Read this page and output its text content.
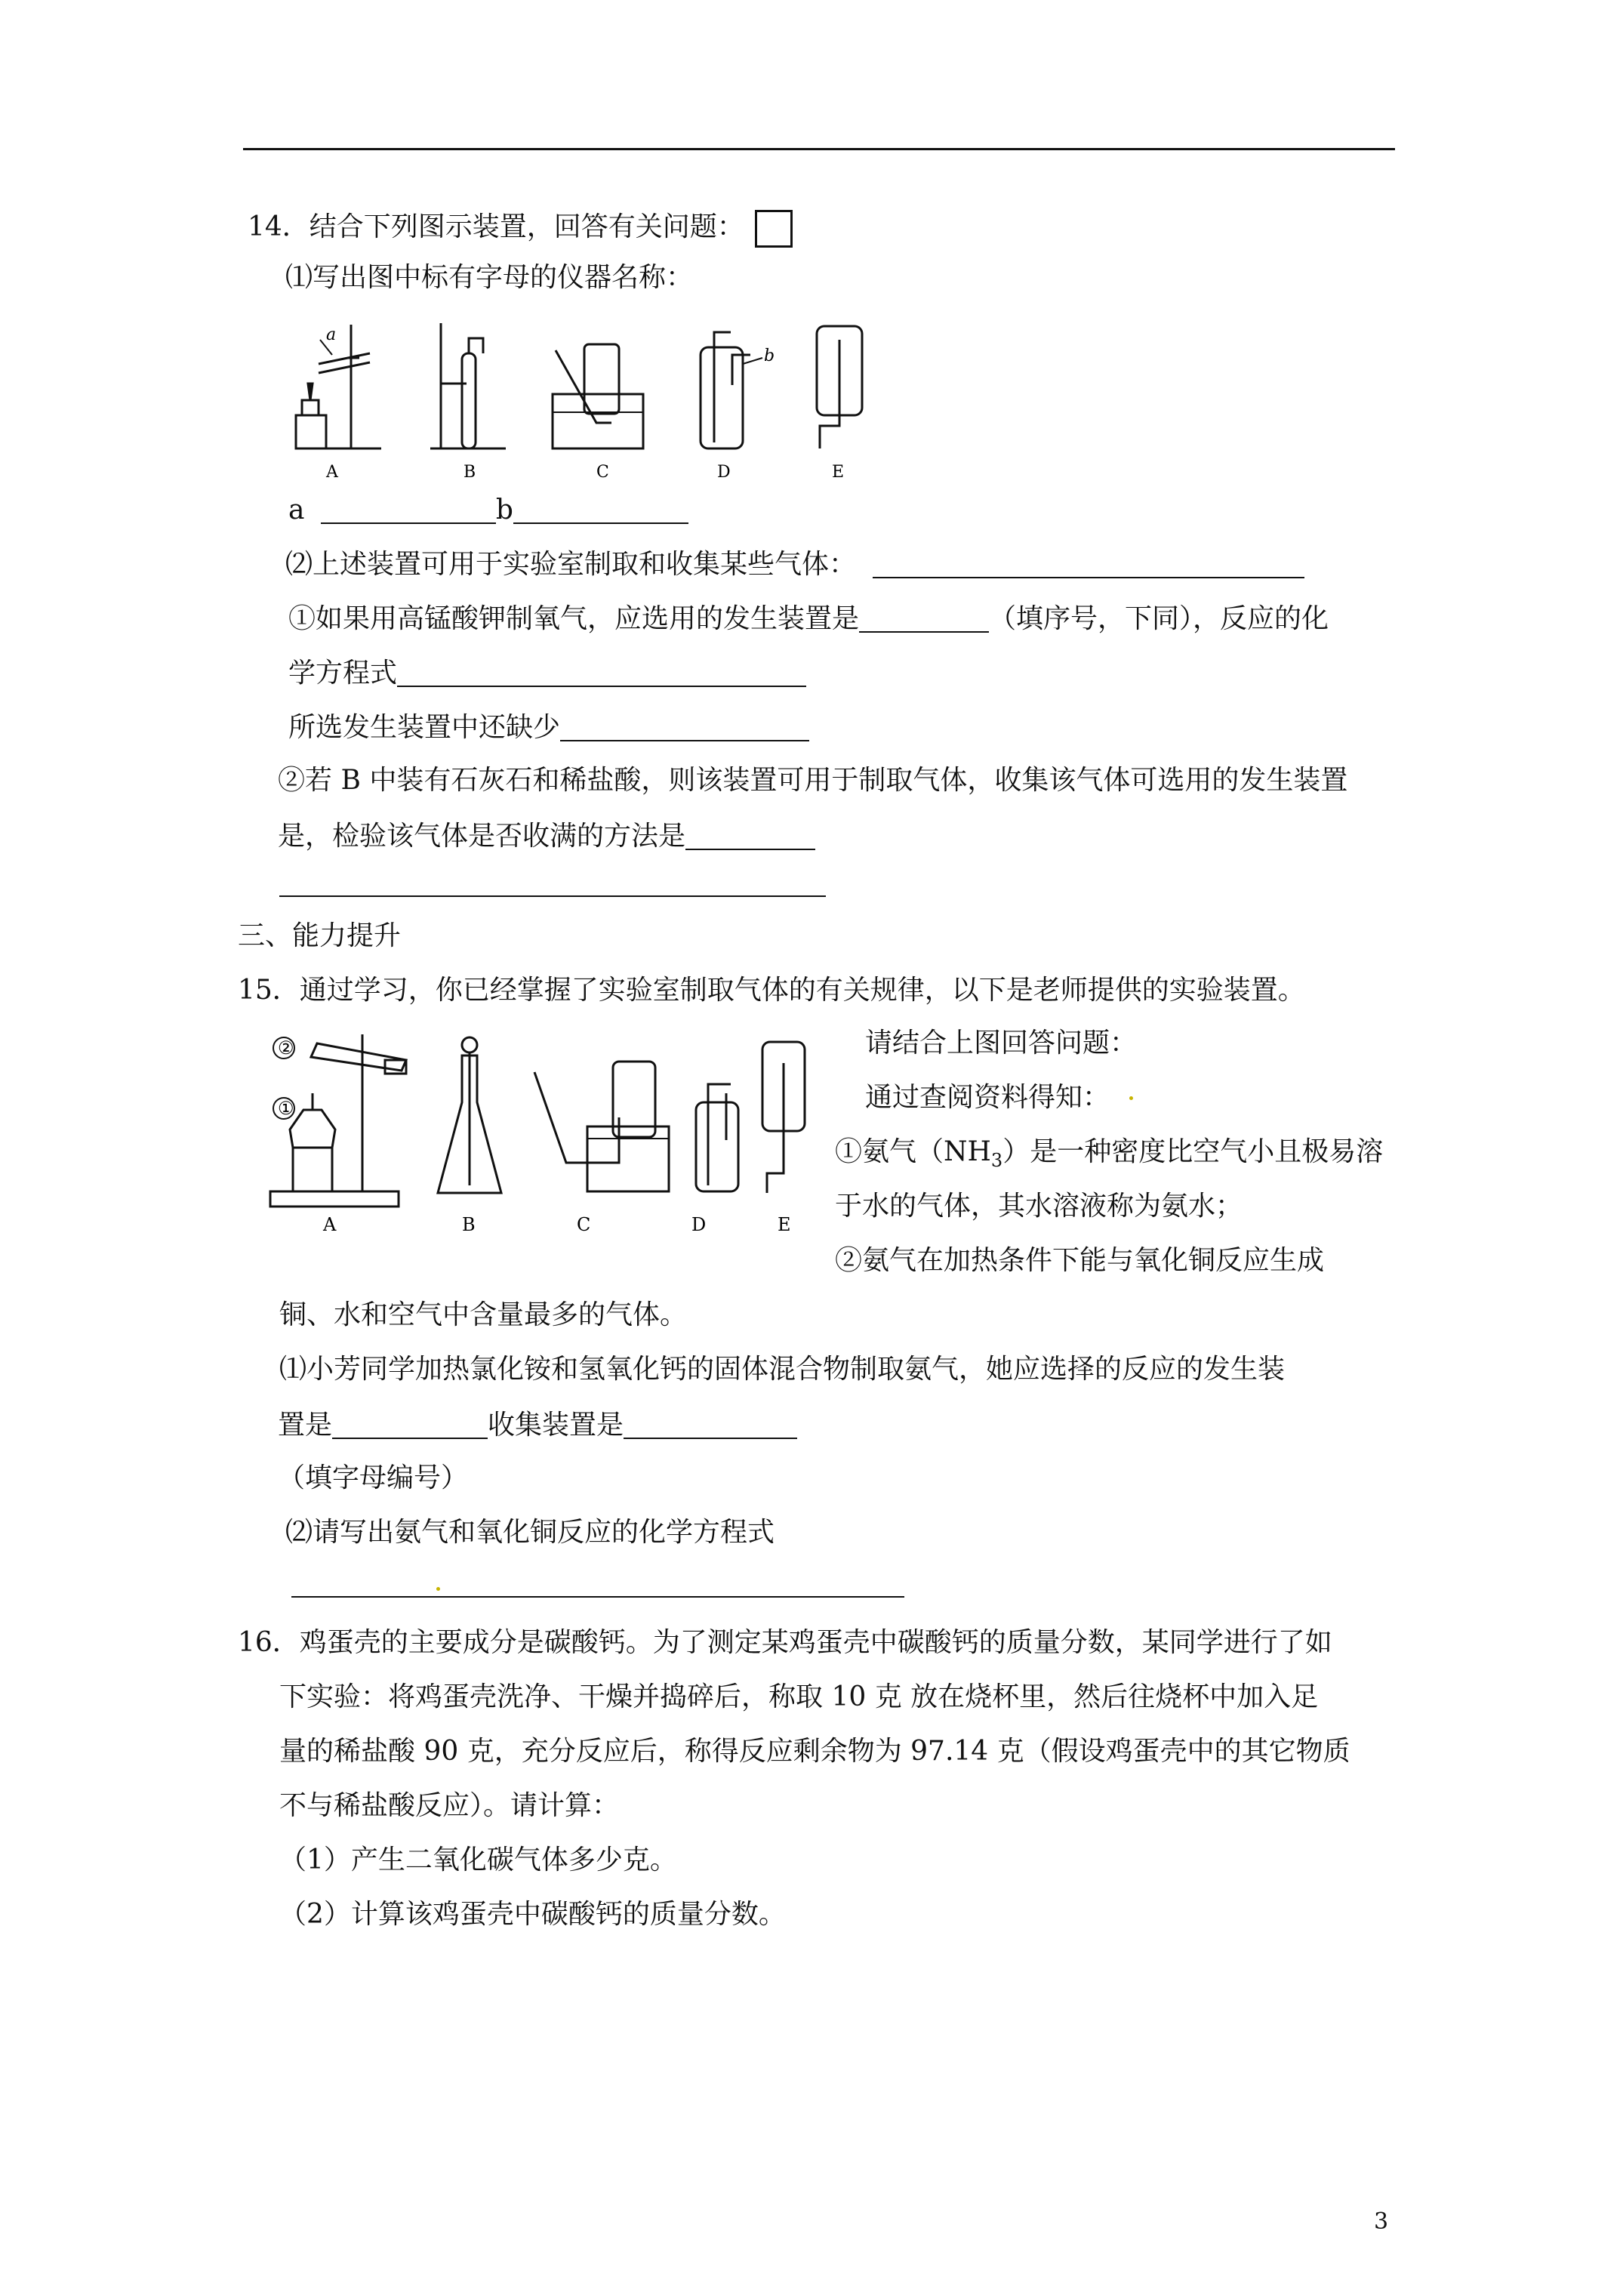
14．结合下列图示装置，回答有关问题：
⑴写出图中标有字母的仪器名称：
a
b
A	B	C	D	E
a	b
⑵上述装置可用于实验室制取和收集某些气体：
①如果用高锰酸钾制氧气，应选用的发生装置是	（填序号，下同），反应的化
学方程式
所选发生装置中还缺少
②若 B 中装有石灰石和稀盐酸，则该装置可用于制取气体，收集该气体可选用的发生装置
是，检验该气体是否收满的方法是
三、能力提升
15．通过学习，你已经掌握了实验室制取气体的有关规律，以下是老师提供的实验装置。
②
①
A	B	C	D	E
请结合上图回答问题：
通过查阅资料得知：
①氨气$(NH_3)$是一种密度比空气小且极易溶
于水的气体，其水溶液称为氨水；
②氨气在加热条件下能与氧化铜反应生成
铜、水和空气中含量最多的气体。
⑴小芳同学加热氯化铵和氢氧化钙的固体混合物制取氨气，她应选择的反应的发生装
置是	收集装置是
（填字母编号）
⑵请写出氨气和氧化铜反应的化学方程式
16．鸡蛋壳的主要成分是碳酸钙。为了测定某鸡蛋壳中碳酸钙的质量分数，某同学进行了如
下实验：将鸡蛋壳洗净、干燥并捣碎后，称取 10 克 放在烧杯里，然后往烧杯中加入足
量的稀盐酸 90 克，充分反应后，称得反应剩余物为 97.14 克（假设鸡蛋壳中的其它物质
不与稀盐酸反应）。请计算：
（1）产生二氧化碳气体多少克。
（2）计算该鸡蛋壳中碳酸钙的质量分数。
3
